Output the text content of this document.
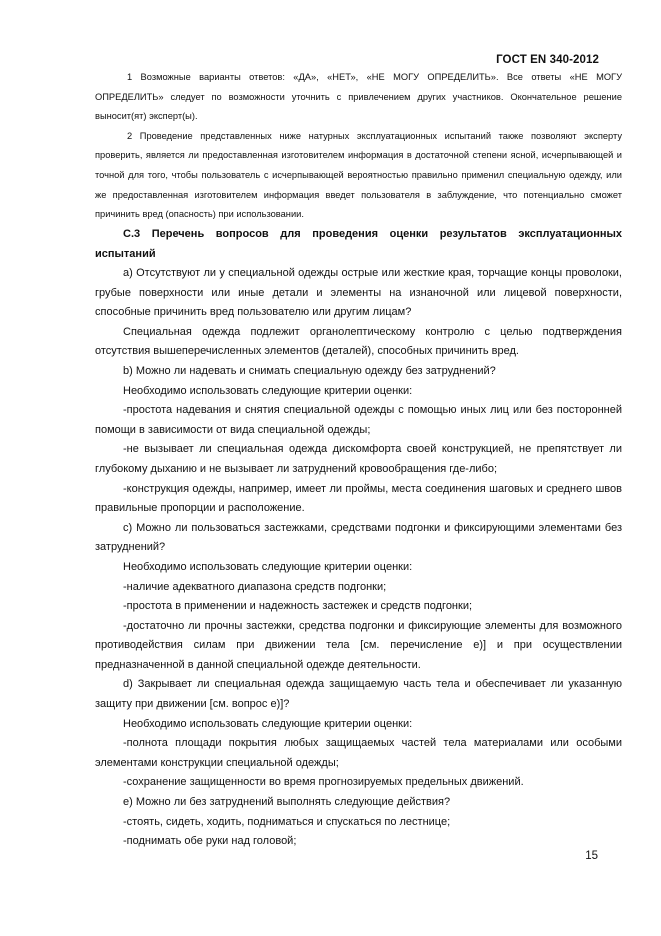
ГОСТ EN 340-2012

1 Возможные варианты ответов: «ДА», «НЕТ», «НЕ МОГУ ОПРЕДЕЛИТЬ». Все ответы «НЕ МОГУ ОПРЕДЕЛИТЬ» следует по возможности уточнить с привлечением других участников. Окончательное решение выносит(ят) эксперт(ы).

2 Проведение представленных ниже натурных эксплуатационных испытаний также позволяют эксперту проверить, является ли предоставленная изготовителем информация в достаточной степени ясной, исчерпывающей и точной для того, чтобы пользователь с исчерпывающей вероятностью правильно применил специальную одежду, или же предоставленная изготовителем информация введет пользователя в заблуждение, что потенциально сможет причинить вред (опасность) при использовании.

С.3 Перечень вопросов для проведения оценки результатов эксплуатационных испытаний

а) Отсутствуют ли у специальной одежды острые или жесткие края, торчащие концы проволоки, грубые поверхности или иные детали и элементы на изнаночной или лицевой поверхности, способные причинить вред пользователю или другим лицам?

Специальная одежда подлежит органолептическому контролю с целью подтверждения отсутствия вышеперечисленных элементов (деталей), способных причинить вред.

b) Можно ли надевать и снимать специальную одежду без затруднений?

Необходимо использовать следующие критерии оценки:

-простота надевания и снятия специальной одежды с помощью иных лиц или без посторонней помощи в зависимости от вида специальной одежды;

-не вызывает ли специальная одежда дискомфорта своей конструкцией, не препятствует ли глубокому дыханию и не вызывает ли затруднений кровообращения где-либо;

-конструкция одежды, например, имеет ли проймы, места соединения шаговых и среднего швов правильные пропорции и расположение.

с) Можно ли пользоваться застежками, средствами подгонки и фиксирующими элементами без затруднений?

Необходимо использовать следующие критерии оценки:

-наличие адекватного диапазона средств подгонки;

-простота в применении и надежность застежек и средств подгонки;

-достаточно ли прочны застежки, средства подгонки и фиксирующие элементы для возможного противодействия силам при движении тела [см. перечисление е)] и при осуществлении предназначенной в данной специальной одежде деятельности.

d) Закрывает ли специальная одежда защищаемую часть тела и обеспечивает ли указанную защиту при движении [см. вопрос е)]?

Необходимо использовать следующие критерии оценки:

-полнота площади покрытия любых защищаемых частей тела материалами или особыми элементами конструкции специальной одежды;

-сохранение защищенности во время прогнозируемых предельных движений.

е) Можно ли без затруднений выполнять следующие действия?

-стоять, сидеть, ходить, подниматься и спускаться по лестнице;

-поднимать обе руки над головой;

15
